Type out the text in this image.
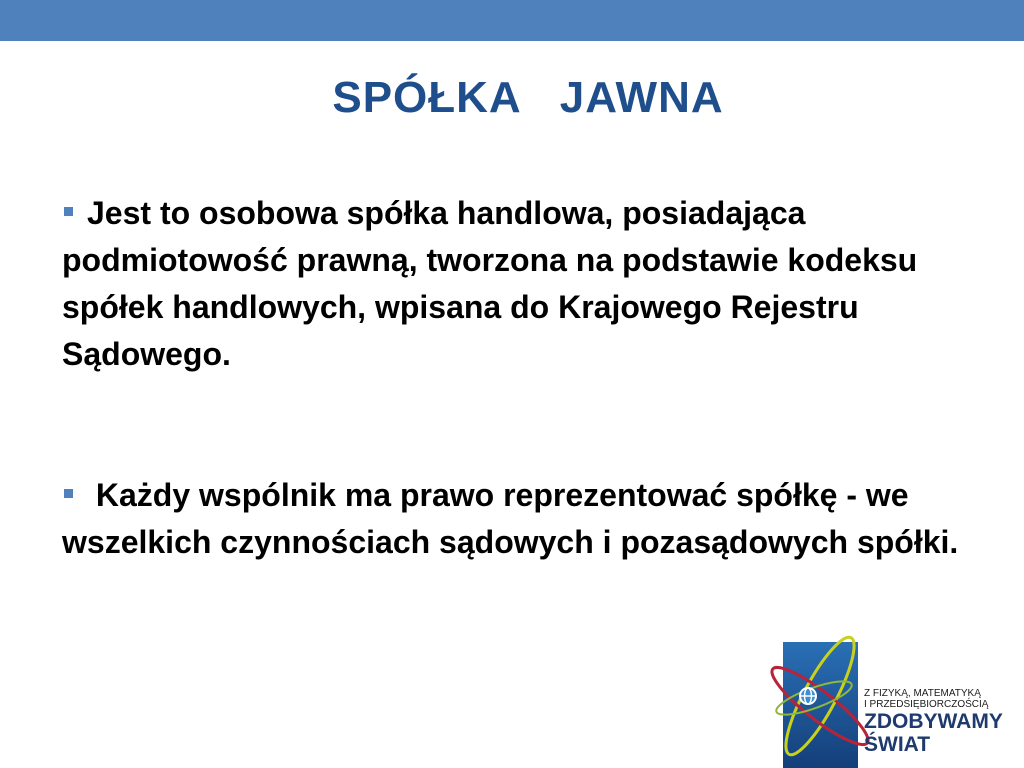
SPÓŁKA   JAWNA

Jest to osobowa spółka handlowa, posiadająca podmiotowość prawną, tworzona na podstawie kodeksu spółek handlowych, wpisana do Krajowego Rejestru Sądowego.

Każdy wspólnik ma prawo reprezentować spółkę - we wszelkich czynnościach sądowych i pozasądowych spółki.

Z FIZYKĄ, MATEMATYKĄ
I PRZEDSIĘBIORCZOŚCIĄ
ZDOBYWAMY
ŚWIAT
